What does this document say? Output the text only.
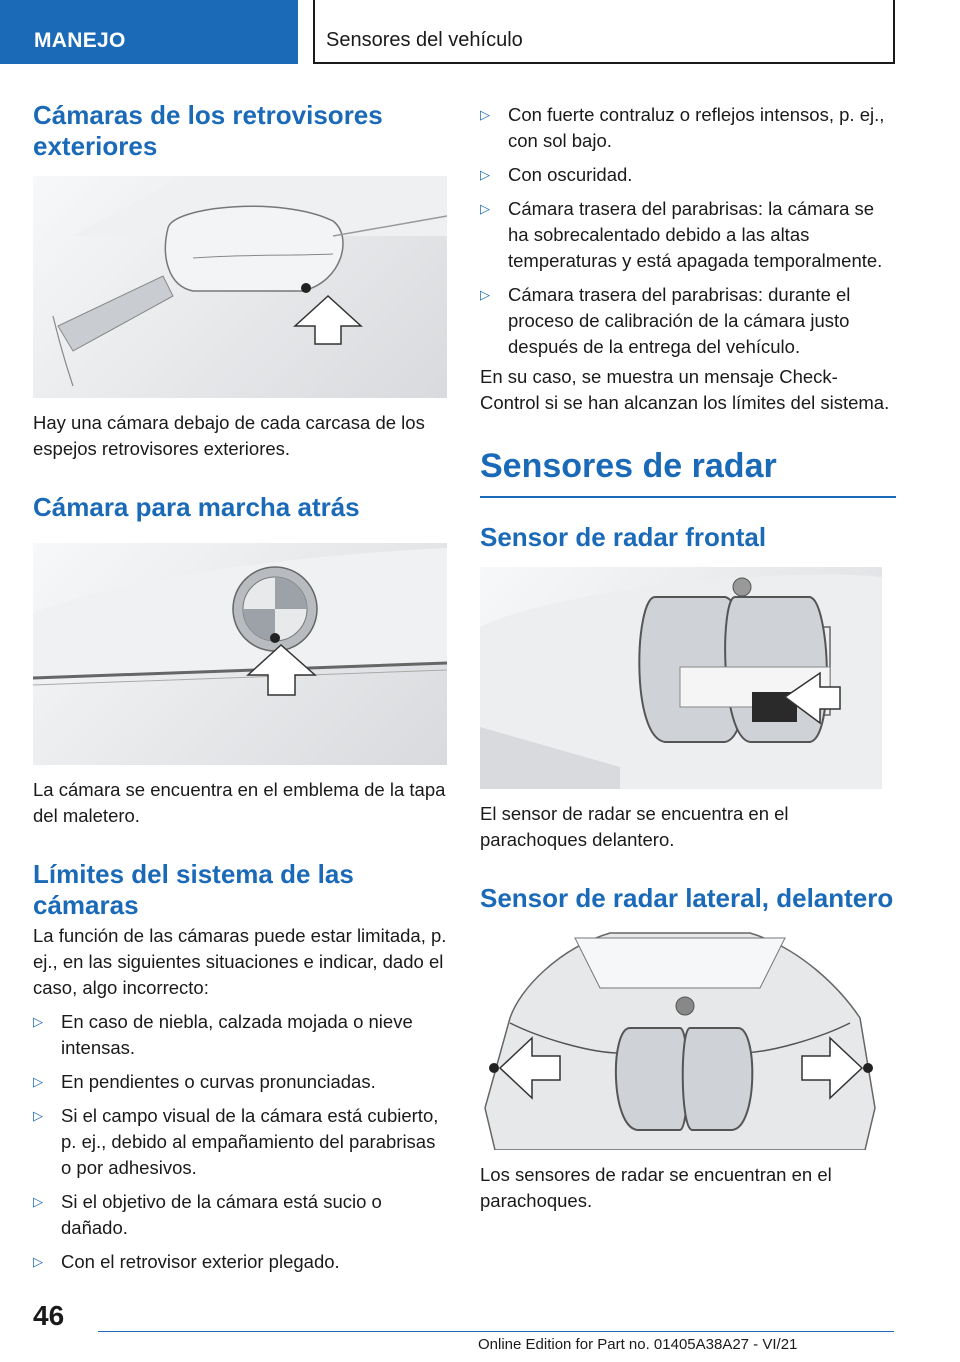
MANEJO	Sensores del vehículo
Cámaras de los retrovisores exteriores

Hay una cámara debajo de cada carcasa de los espejos retrovisores exteriores.

Cámara para marcha atrás

La cámara se encuentra en el emblema de la tapa del maletero.

Límites del sistema de las cámaras

La función de las cámaras puede estar limitada, p. ej., en las siguientes situaciones e indicar, dado el caso, algo incorrecto:

▷ En caso de niebla, calzada mojada o nieve intensas.
▷ En pendientes o curvas pronunciadas.
▷ Si el campo visual de la cámara está cubierto, p. ej., debido al empañamiento del parabrisas o por adhesivos.
▷ Si el objetivo de la cámara está sucio o dañado.
▷ Con el retrovisor exterior plegado.
▷ Con fuerte contraluz o reflejos intensos, p. ej., con sol bajo.
▷ Con oscuridad.
▷ Cámara trasera del parabrisas: la cámara se ha sobrecalentado debido a las altas temperaturas y está apagada temporalmente.
▷ Cámara trasera del parabrisas: durante el proceso de calibración de la cámara justo después de la entrega del vehículo.

En su caso, se muestra un mensaje Check-Control si se han alcanzan los límites del sistema.

Sensores de radar
Sensor de radar frontal

El sensor de radar se encuentra en el parachoques delantero.

Sensor de radar lateral, delantero

Los sensores de radar se encuentran en el parachoques.

46
Online Edition for Part no. 01405A38A27 - VI/21
